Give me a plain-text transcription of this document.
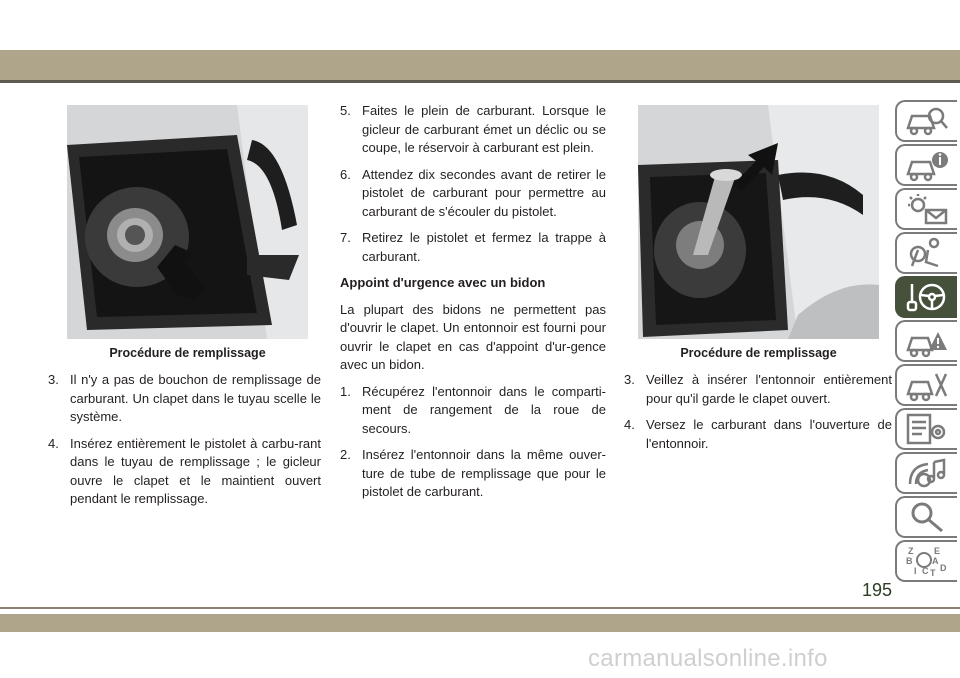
Procédure de remplissage	Procédure de remplissage
3. Il n'y a pas de bouchon de remplissage de carburant. Un clapet dans le tuyau scelle le système.
4. Insérez entièrement le pistolet à carbu-rant dans le tuyau de remplissage ; le gicleur ouvre le clapet et le maintient ouvert pendant le remplissage.
5. Faites le plein de carburant. Lorsque le gicleur de carburant émet un déclic ou se coupe, le réservoir à carburant est plein.
6. Attendez dix secondes avant de retirer le pistolet de carburant pour permettre au carburant de s'écouler du pistolet.
7. Retirez le pistolet et fermez la trappe à carburant.
Appoint d'urgence avec un bidon

La plupart des bidons ne permettent pas d'ouvrir le clapet. Un entonnoir est fourni pour ouvrir le clapet en cas d'appoint d'ur-gence avec un bidon.

1. Récupérez l'entonnoir dans le comparti-ment de rangement de la roue de secours.
2. Insérez l'entonnoir dans la même ouver-ture de tube de remplissage que pour le pistolet de carburant.
3. Veillez à insérer l'entonnoir entièrement pour qu'il garde le clapet ouvert.
4. Versez le carburant dans l'ouverture de l'entonnoir.
Z E
B A
I C D
T
195
carmanualsonline.info
